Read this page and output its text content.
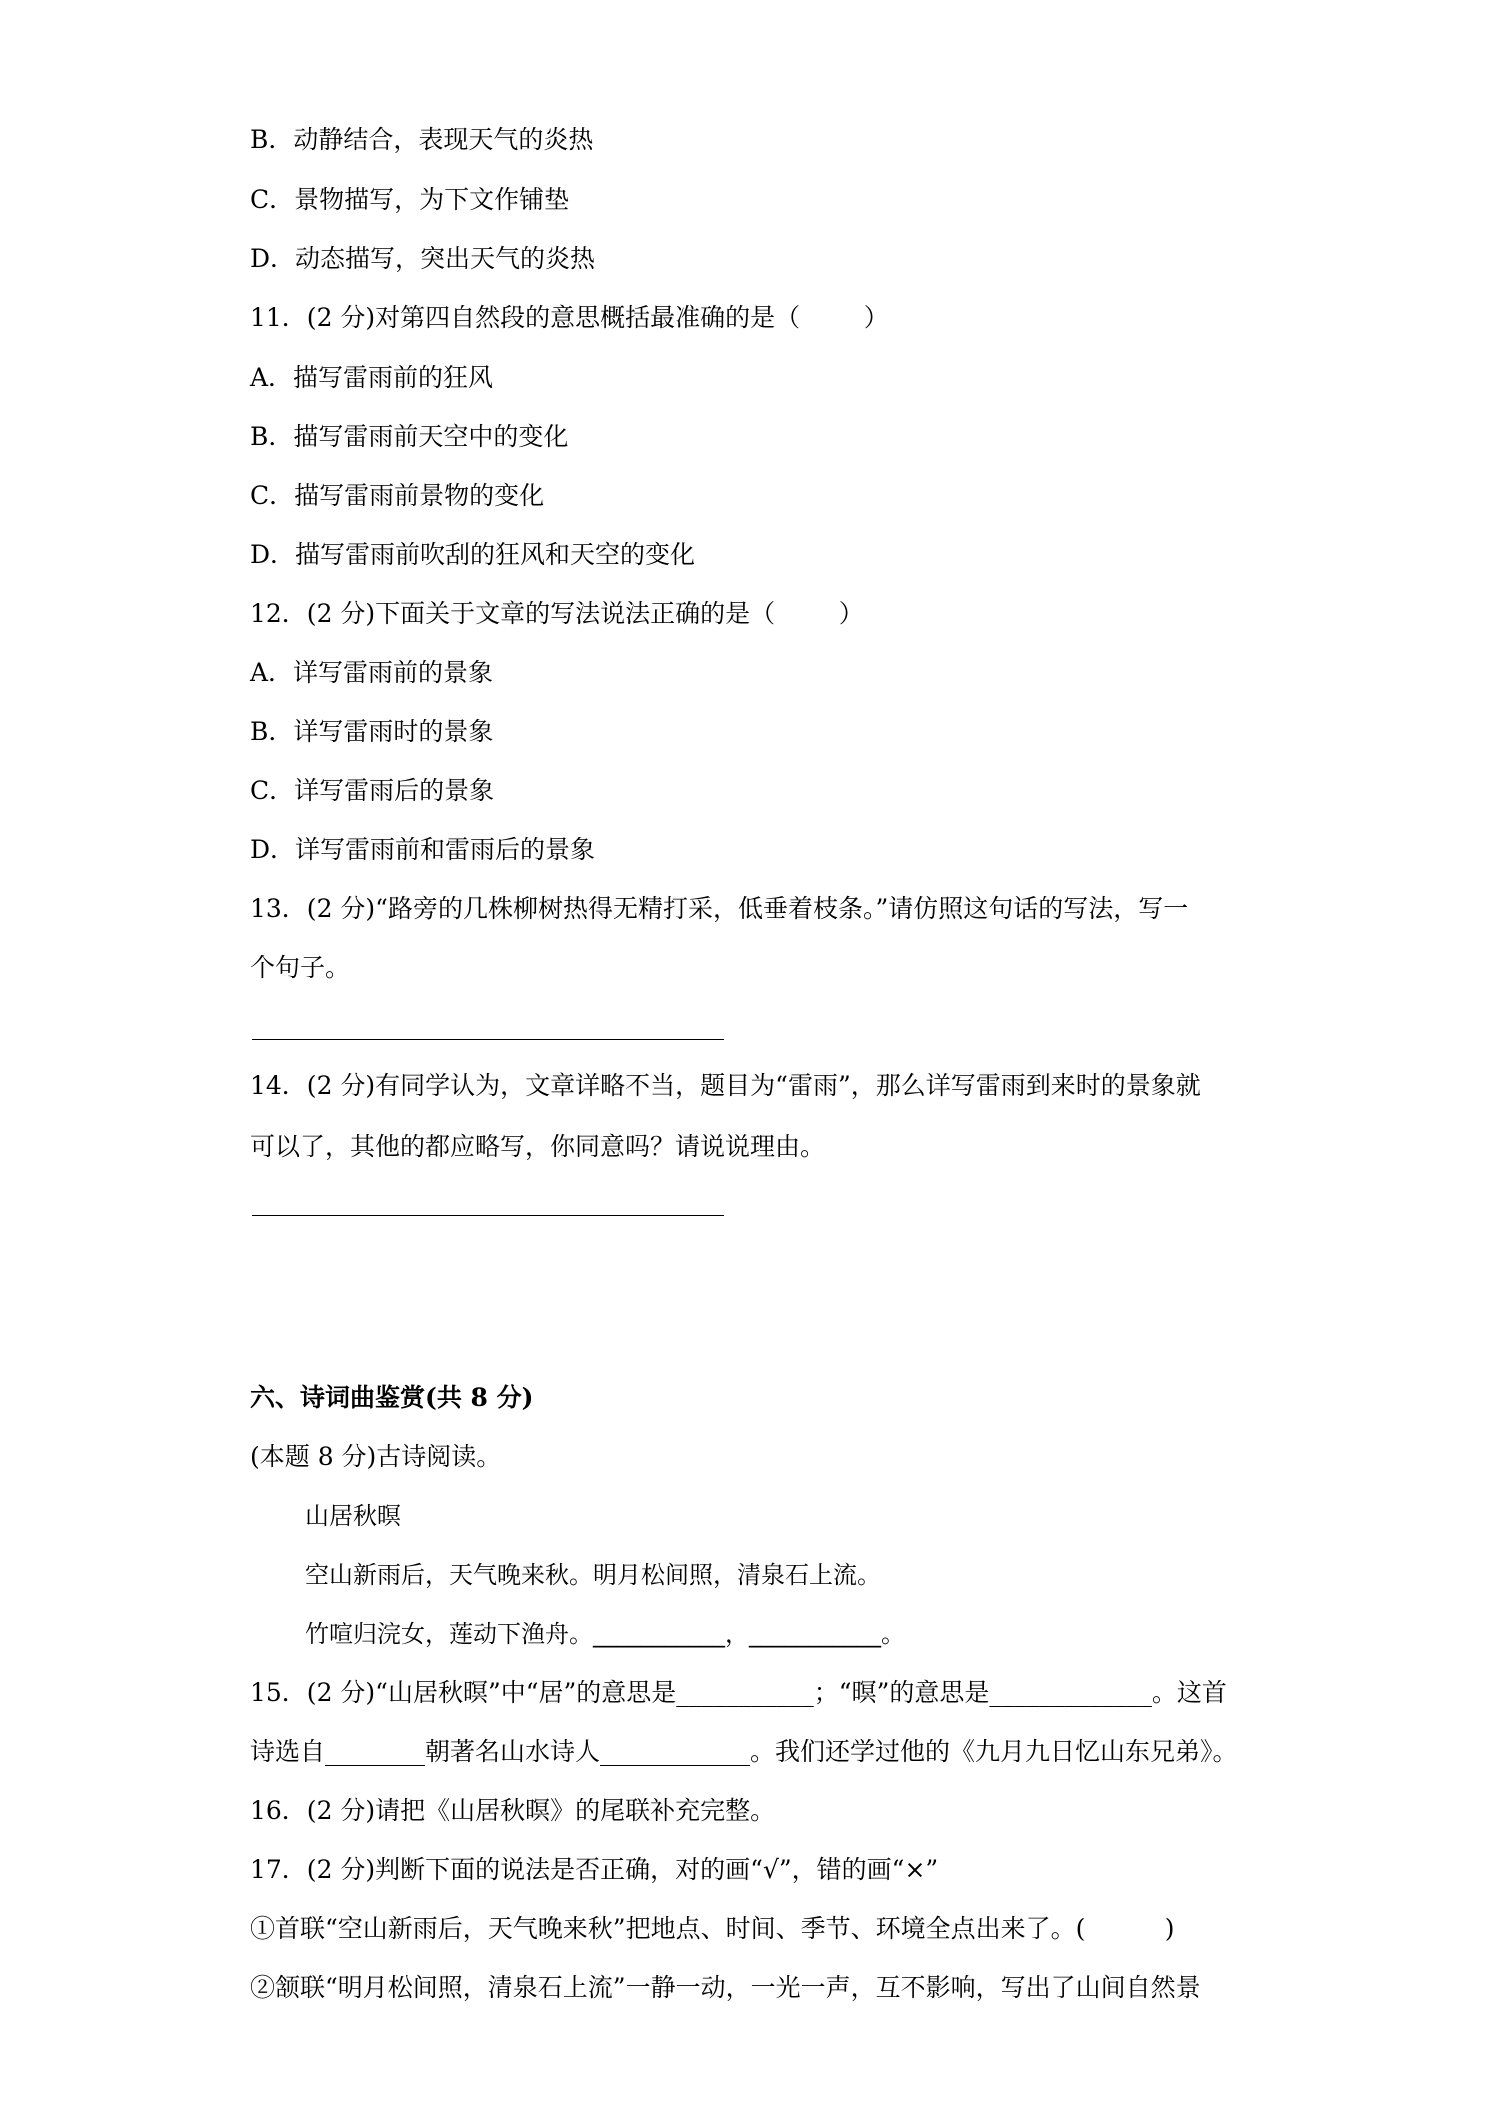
B．动静结合，表现天气的炎热
C．景物描写，为下文作铺垫
D．动态描写，突出天气的炎热
11．(2 分)对第四自然段的意思概括最准确的是（        ）
A．描写雷雨前的狂风
B．描写雷雨前天空中的变化
C．描写雷雨前景物的变化
D．描写雷雨前吹刮的狂风和天空的变化
12．(2 分)下面关于文章的写法说法正确的是（        ）
A．详写雷雨前的景象
B．详写雷雨时的景象
C．详写雷雨后的景象
D．详写雷雨前和雷雨后的景象
13．(2 分)“路旁的几株柳树热得无精打采，低垂着枝条。”请仿照这句话的写法，写一
个句子。
14．(2 分)有同学认为，文章详略不当，题目为“雷雨”，那么详写雷雨到来时的景象就
可以了，其他的都应略写，你同意吗？请说说理由。
六、诗词曲鉴赏(共 8 分)
(本题 8 分)古诗阅读。
山居秋暝
空山新雨后，天气晚来秋。明月松间照，清泉石上流。
竹喧归浣女，莲动下渔舟。___________，___________。
15．(2 分)“山居秋暝”中“居”的意思是___________；“暝”的意思是_____________。这首
诗选自________朝著名山水诗人____________。我们还学过他的《九月九日忆山东兄弟》。
16．(2 分)请把《山居秋暝》的尾联补充完整。
17．(2 分)判断下面的说法是否正确，对的画“√”，错的画“×”
①首联“空山新雨后，天气晚来秋”把地点、时间、季节、环境全点出来了。(          )
②颔联“明月松间照，清泉石上流”一静一动，一光一声，互不影响，写出了山间自然景
